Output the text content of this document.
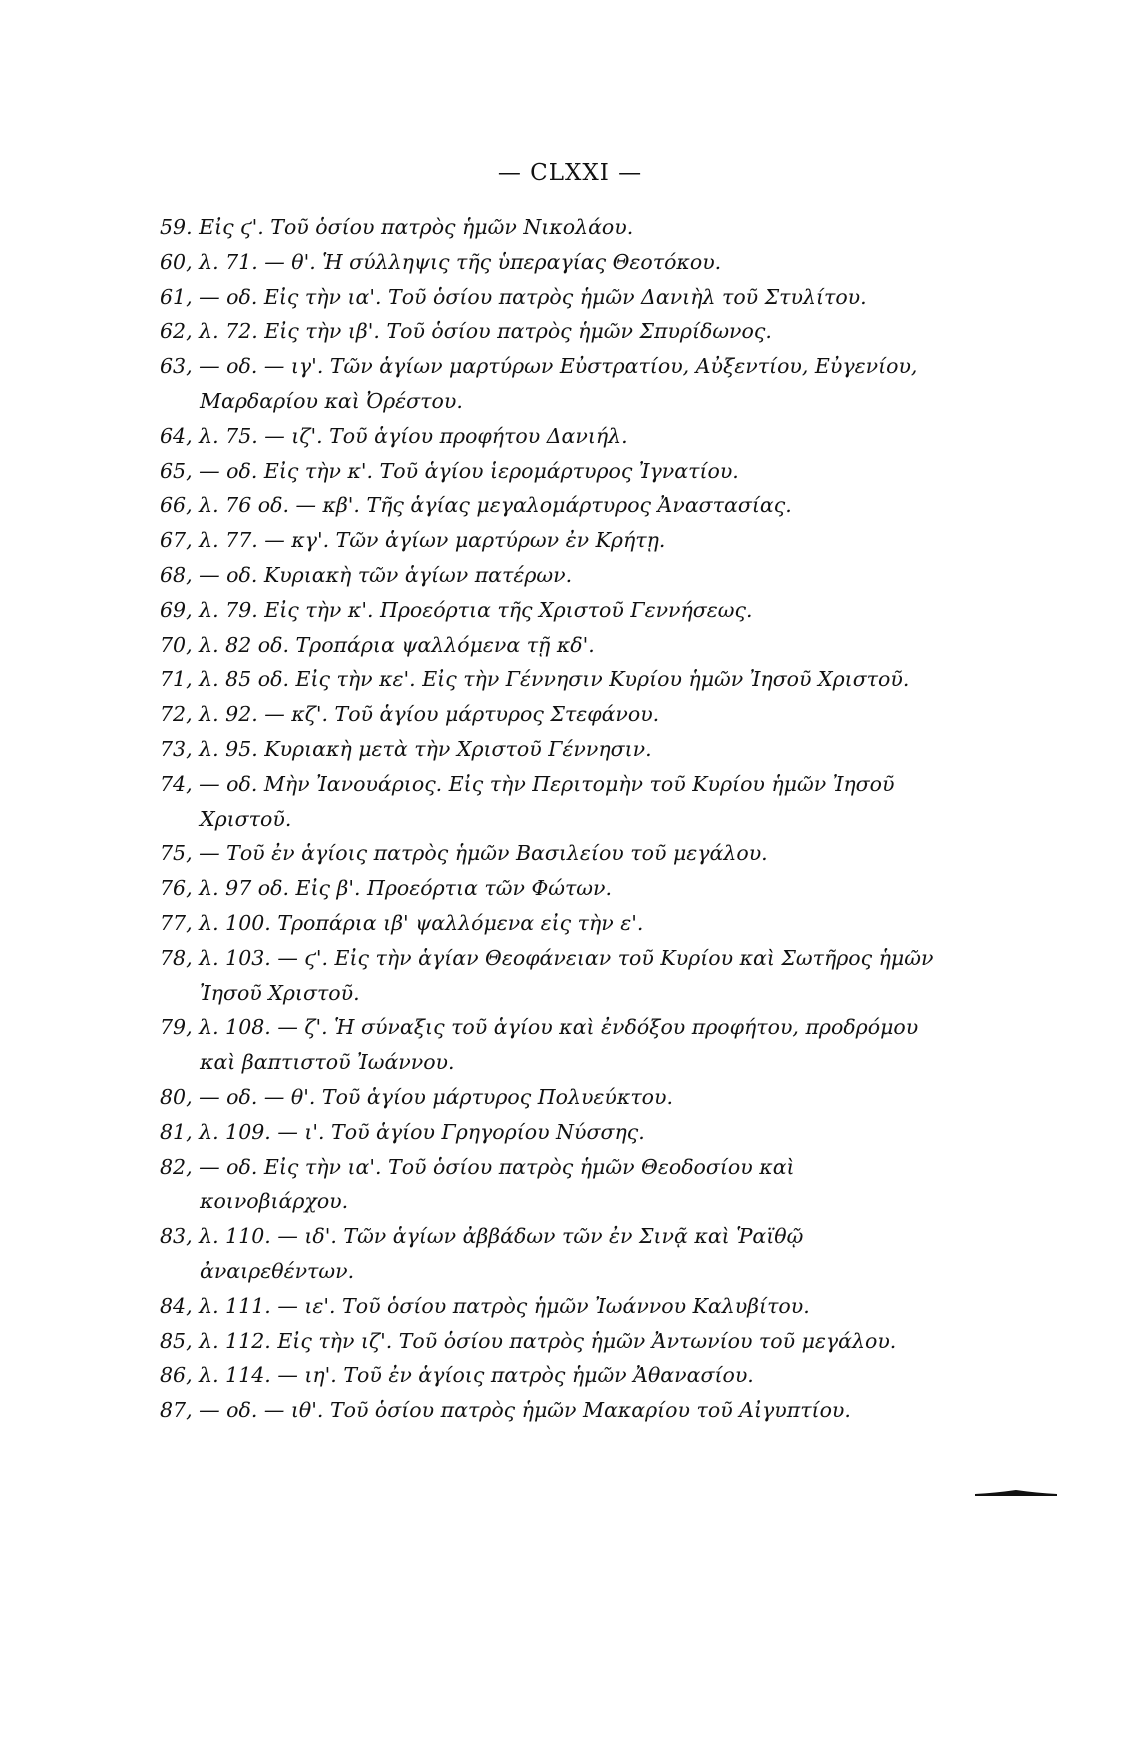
— CLXXI —

59. Εἰς ϛ'. Τοῦ ὁσίου πατρὸς ἡμῶν Νικολάου.

60, λ. 71. — θ'. Ἡ σύλληψις τῆς ὑπεραγίας Θεοτόκου.

61, — οδ. Εἰς τὴν ια'. Τοῦ ὁσίου πατρὸς ἡμῶν Δανιὴλ τοῦ Στυλίτου.

62, λ. 72. Εἰς τὴν ιβ'. Τοῦ ὁσίου πατρὸς ἡμῶν Σπυρίδωνος.

63, — οδ. — ιγ'. Τῶν ἁγίων μαρτύρων Εὐστρατίου, Αὐξεντίου, Εὐγενίου, Μαρδαρίου καὶ Ὀρέστου.

64, λ. 75. — ιζ'. Τοῦ ἁγίου προφήτου Δανιήλ.

65, — οδ. Εἰς τὴν κ'. Τοῦ ἁγίου ἱερομάρτυρος Ἰγνατίου.

66, λ. 76 οδ. — κβ'. Τῆς ἁγίας μεγαλομάρτυρος Ἀναστασίας.

67, λ. 77. — κγ'. Τῶν ἁγίων μαρτύρων ἐν Κρήτῃ.

68, — οδ. Κυριακὴ τῶν ἁγίων πατέρων.

69, λ. 79. Εἰς τὴν κ'. Προεόρτια τῆς Χριστοῦ Γεννήσεως.

70, λ. 82 οδ. Τροπάρια ψαλλόμενα τῇ κδ'.

71, λ. 85 οδ. Εἰς τὴν κε'. Εἰς τὴν Γέννησιν Κυρίου ἡμῶν Ἰησοῦ Χριστοῦ.

72, λ. 92. — κζ'. Τοῦ ἁγίου μάρτυρος Στεφάνου.

73, λ. 95. Κυριακὴ μετὰ τὴν Χριστοῦ Γέννησιν.

74, — οδ. Μὴν Ἰανουάριος. Εἰς τὴν Περιτομὴν τοῦ Κυρίου ἡμῶν Ἰησοῦ Χριστοῦ.

75, — Τοῦ ἐν ἁγίοις πατρὸς ἡμῶν Βασιλείου τοῦ μεγάλου.

76, λ. 97 οδ. Εἰς β'. Προεόρτια τῶν Φώτων.

77, λ. 100. Τροπάρια ιβ' ψαλλόμενα εἰς τὴν ε'.

78, λ. 103. — ϛ'. Εἰς τὴν ἁγίαν Θεοφάνειαν τοῦ Κυρίου καὶ Σωτῆρος ἡμῶν Ἰησοῦ Χριστοῦ.

79, λ. 108. — ζ'. Ἡ σύναξις τοῦ ἁγίου καὶ ἐνδόξου προφήτου, προδρόμου καὶ βαπτιστοῦ Ἰωάννου.

80, — οδ. — θ'. Τοῦ ἁγίου μάρτυρος Πολυεύκτου.

81, λ. 109. — ι'. Τοῦ ἁγίου Γρηγορίου Νύσσης.

82, — οδ. Εἰς τὴν ια'. Τοῦ ὁσίου πατρὸς ἡμῶν Θεοδοσίου καὶ κοινοβιάρχου.

83, λ. 110. — ιδ'. Τῶν ἁγίων ἀββάδων τῶν ἐν Σινᾷ καὶ Ῥαϊθῷ ἀναιρεθέντων.

84, λ. 111. — ιε'. Τοῦ ὁσίου πατρὸς ἡμῶν Ἰωάννου Καλυβίτου.

85, λ. 112. Εἰς τὴν ιζ'. Τοῦ ὁσίου πατρὸς ἡμῶν Ἀντωνίου τοῦ μεγάλου.

86, λ. 114. — ιη'. Τοῦ ἐν ἁγίοις πατρὸς ἡμῶν Ἀθανασίου.

87, — οδ. — ιθ'. Τοῦ ὁσίου πατρὸς ἡμῶν Μακαρίου τοῦ Αἰγυπτίου.
